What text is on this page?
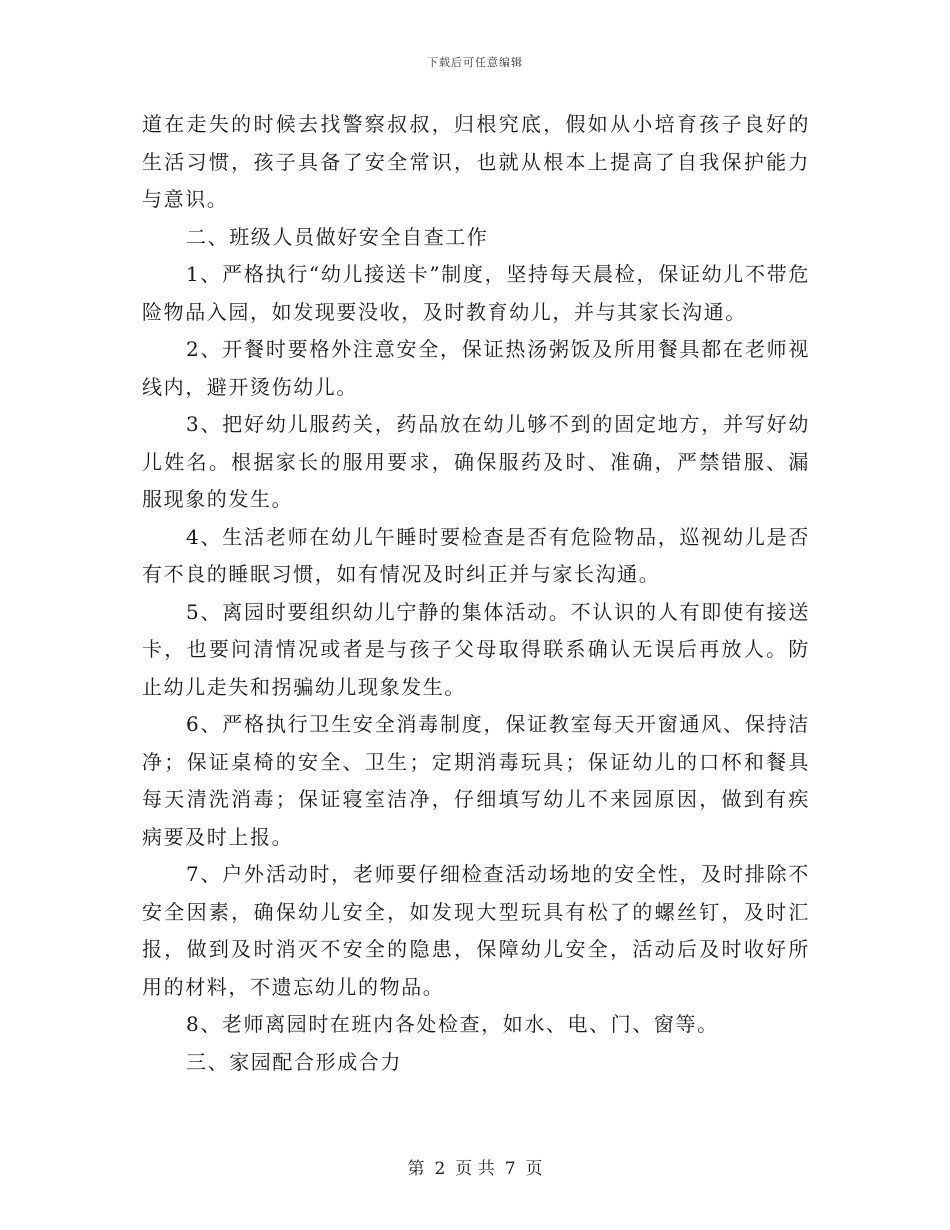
下载后可任意编辑

道在走失的时候去找警察叔叔，归根究底，假如从小培育孩子良好的生活习惯，孩子具备了安全常识，也就从根本上提高了自我保护能力与意识。

二、班级人员做好安全自查工作

1、严格执行“幼儿接送卡”制度，坚持每天晨检，保证幼儿不带危险物品入园，如发现要没收，及时教育幼儿，并与其家长沟通。

2、开餐时要格外注意安全，保证热汤粥饭及所用餐具都在老师视线内，避开烫伤幼儿。

3、把好幼儿服药关，药品放在幼儿够不到的固定地方，并写好幼儿姓名。根据家长的服用要求，确保服药及时、准确，严禁错服、漏服现象的发生。

4、生活老师在幼儿午睡时要检查是否有危险物品，巡视幼儿是否有不良的睡眠习惯，如有情况及时纠正并与家长沟通。

5、离园时要组织幼儿宁静的集体活动。不认识的人有即使有接送卡，也要问清情况或者是与孩子父母取得联系确认无误后再放人。防止幼儿走失和拐骗幼儿现象发生。

6、严格执行卫生安全消毒制度，保证教室每天开窗通风、保持洁净；保证桌椅的安全、卫生；定期消毒玩具；保证幼儿的口杯和餐具每天清洗消毒；保证寝室洁净，仔细填写幼儿不来园原因，做到有疾病要及时上报。

7、户外活动时，老师要仔细检查活动场地的安全性，及时排除不安全因素，确保幼儿安全，如发现大型玩具有松了的螺丝钉，及时汇报，做到及时消灭不安全的隐患，保障幼儿安全，活动后及时收好所用的材料，不遗忘幼儿的物品。

8、老师离园时在班内各处检查，如水、电、门、窗等。

三、家园配合形成合力

第 2 页 共 7 页
